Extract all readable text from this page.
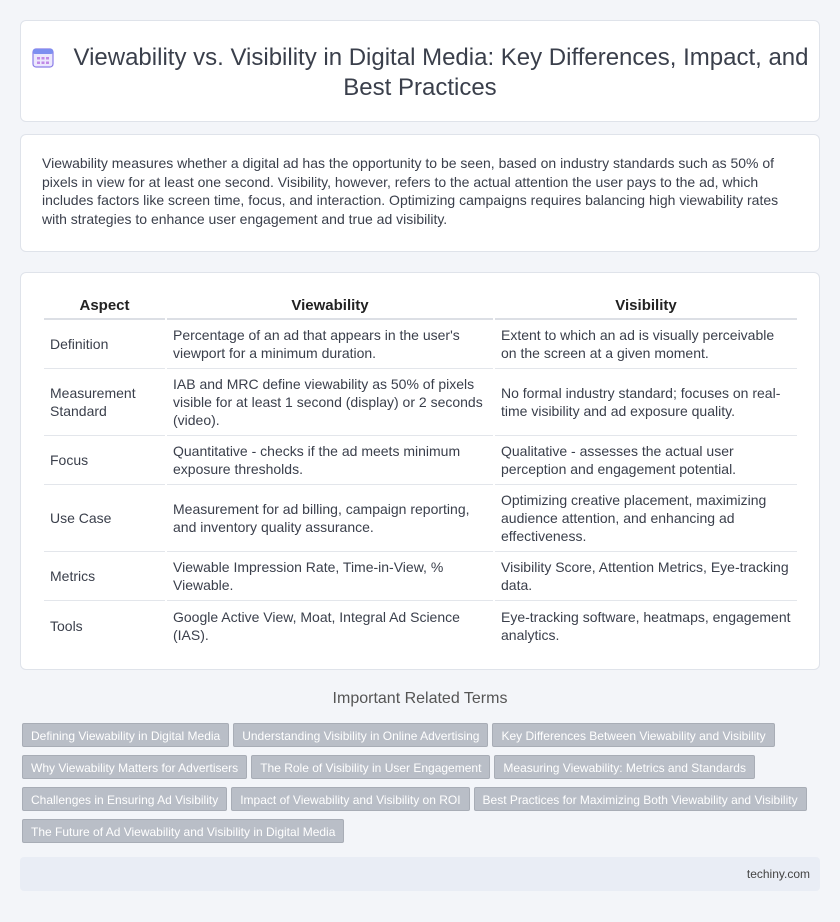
Viewability vs. Visibility in Digital Media: Key Differences, Impact, and Best Practices

Viewability measures whether a digital ad has the opportunity to be seen, based on industry standards such as 50% of pixels in view for at least one second. Visibility, however, refers to the actual attention the user pays to the ad, which includes factors like screen time, focus, and interaction. Optimizing campaigns requires balancing high viewability rates with strategies to enhance user engagement and true ad visibility.

Aspect	Viewability	Visibility
Definition	Percentage of an ad that appears in the user's viewport for a minimum duration.	Extent to which an ad is visually perceivable on the screen at a given moment.
Measurement Standard	IAB and MRC define viewability as 50% of pixels visible for at least 1 second (display) or 2 seconds (video).	No formal industry standard; focuses on real-time visibility and ad exposure quality.
Focus	Quantitative - checks if the ad meets minimum exposure thresholds.	Qualitative - assesses the actual user perception and engagement potential.
Use Case	Measurement for ad billing, campaign reporting, and inventory quality assurance.	Optimizing creative placement, maximizing audience attention, and enhancing ad effectiveness.
Metrics	Viewable Impression Rate, Time-in-View, % Viewable.	Visibility Score, Attention Metrics, Eye-tracking data.
Tools	Google Active View, Moat, Integral Ad Science (IAS).	Eye-tracking software, heatmaps, engagement analytics.
Important Related Terms
Defining Viewability in Digital Media Understanding Visibility in Online Advertising Key Differences Between Viewability and Visibility
Why Viewability Matters for Advertisers The Role of Visibility in User Engagement Measuring Viewability: Metrics and Standards
Challenges in Ensuring Ad Visibility Impact of Viewability and Visibility on ROI Best Practices for Maximizing Both Viewability and Visibility
The Future of Ad Viewability and Visibility in Digital Media
techiny.com
